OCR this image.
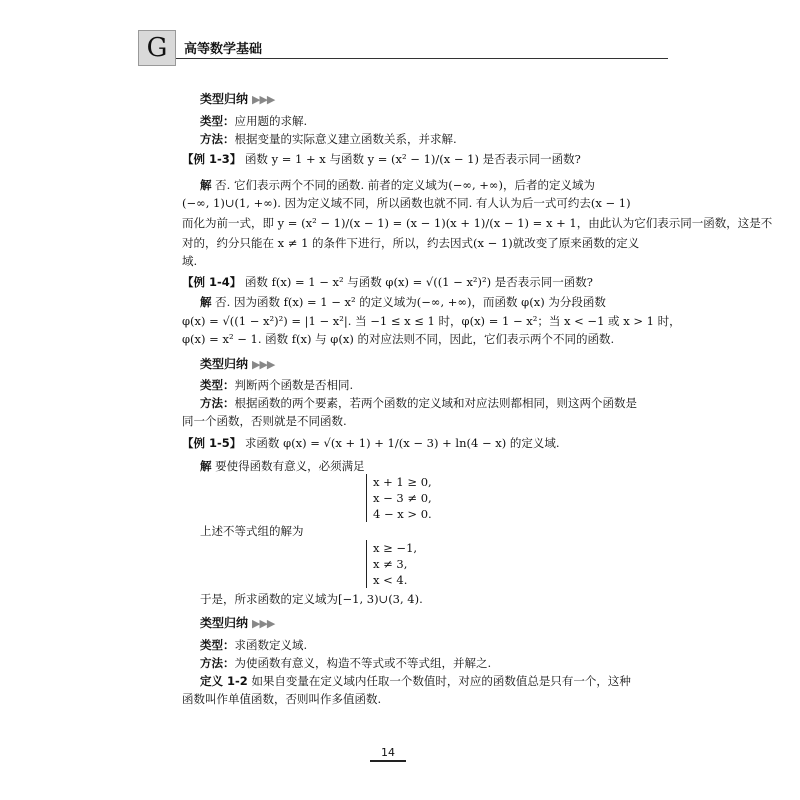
G	高等数学基础
类型归纳 ▶▶▶
类型：应用题的求解.
方法：根据变量的实际意义建立函数关系，并求解.
【例 1-3】 函数 y = 1 + x 与函数 y = (x² − 1)/(x − 1) 是否表示同一函数?
解 否. 它们表示两个不同的函数. 前者的定义域为(−∞, +∞)，后者的定义域为
(−∞, 1)∪(1, +∞). 因为定义域不同，所以函数也就不同. 有人认为后一式可约去(x − 1)
而化为前一式，即 y = (x² − 1)/(x − 1) = (x − 1)(x + 1)/(x − 1) = x + 1，由此认为它们表示同一函数，这是不
对的，约分只能在 x ≠ 1 的条件下进行，所以，约去因式(x − 1)就改变了原来函数的定义
域.
【例 1-4】 函数 f(x) = 1 − x² 与函数 φ(x) = √((1 − x²)²) 是否表示同一函数?
解 否. 因为函数 f(x) = 1 − x² 的定义域为(−∞, +∞)，而函数 φ(x) 为分段函数
φ(x) = √((1 − x²)²) = |1 − x²|. 当 −1 ≤ x ≤ 1 时，φ(x) = 1 − x²；当 x < −1 或 x > 1 时，
φ(x) = x² − 1. 函数 f(x) 与 φ(x) 的对应法则不同，因此，它们表示两个不同的函数.
类型归纳 ▶▶▶
类型：判断两个函数是否相同.
方法：根据函数的两个要素，若两个函数的定义域和对应法则都相同，则这两个函数是
同一个函数，否则就是不同函数.
【例 1-5】 求函数 φ(x) = √(x + 1) + 1/(x − 3) + ln(4 − x) 的定义域.
解 要使得函数有意义，必须满足
x + 1 ≥ 0,
x − 3 ≠ 0,
4 − x > 0.
上述不等式组的解为
x ≥ −1,
x ≠ 3,
x < 4.
于是，所求函数的定义域为[−1, 3)∪(3, 4).
类型归纳 ▶▶▶
类型：求函数定义域.
方法：为使函数有意义，构造不等式或不等式组，并解之.
定义 1-2 如果自变量在定义域内任取一个数值时，对应的函数值总是只有一个，这种
函数叫作单值函数，否则叫作多值函数.
14
